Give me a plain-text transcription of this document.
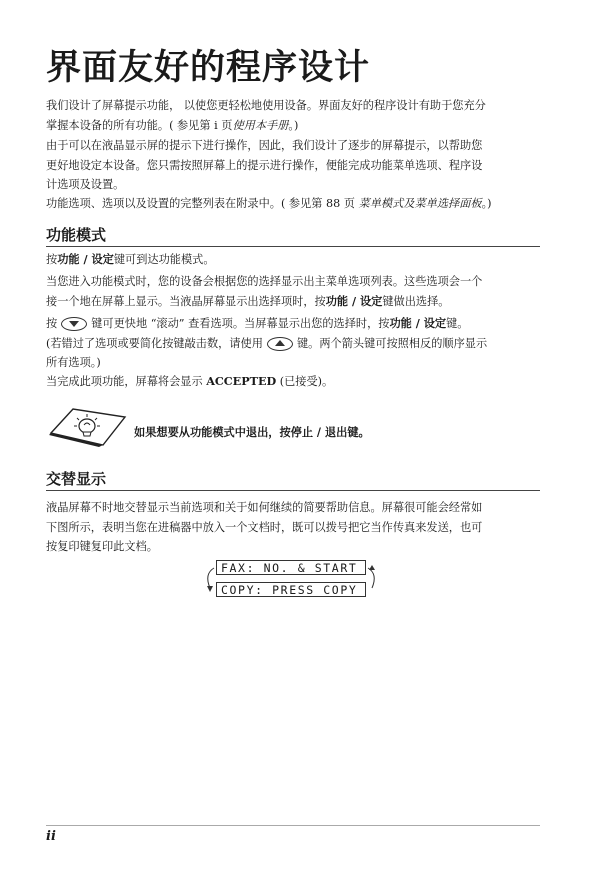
界面友好的程序设计

我们设计了屏幕提示功能， 以使您更轻松地使用设备。界面友好的程序设计有助于您充分
掌握本设备的所有功能。( 参见第 i 页使用本手册。)

由于可以在液晶显示屏的提示下进行操作，因此，我们设计了逐步的屏幕提示，以帮助您
更好地设定本设备。您只需按照屏幕上的提示进行操作，便能完成功能菜单选项、程序设
计选项及设置。

功能选项、选项以及设置的完整列表在附录中。( 参见第 88 页 菜单模式及菜单选择面板。)

功能模式

按功能 / 设定键可到达功能模式。

当您进入功能模式时，您的设备会根据您的选择显示出主菜单选项列表。这些选项会一个
接一个地在屏幕上显示。当液晶屏幕显示出选择项时，按功能 / 设定键做出选择。

按	键可更快地 “滚动” 查看选项。当屏幕显示出您的选择时，按功能 / 设定键。
(若错过了选项或要简化按键敲击数，请使用	键。两个箭头键可按照相反的顺序显示
所有选项。)

当完成此项功能，屏幕将会显示 ACCEPTED (已接受)。

如果想要从功能模式中退出，按停止 / 退出键。

交替显示

液晶屏幕不时地交替显示当前选项和关于如何继续的简要帮助信息。屏幕很可能会经常如
下图所示，表明当您在进稿器中放入一个文档时，既可以拨号把它当作传真来发送，也可
按复印键复印此文档。

FAX: NO. & START
COPY: PRESS COPY

ii
